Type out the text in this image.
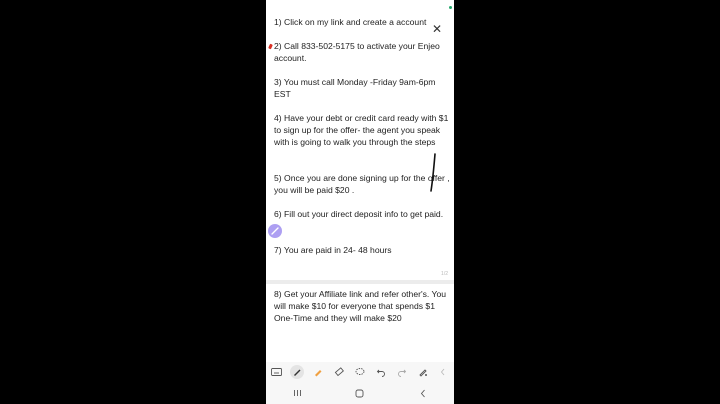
1) Click on my link and create a account
2) Call 833-502-5175 to activate your Enjeo account.
3) You must call Monday -Friday 9am-6pm EST
4) Have your debt or credit card ready with $1 to sign up for the offer- the agent you speak with is going to walk you through the steps
5) Once you are done signing up for the offer , you will be paid $20 .
6) Fill out your direct deposit info to get paid.
7) You are paid in 24- 48 hours
✕
1/2
8) Get your Affiliate link and refer other's. You will make $10 for everyone that spends $1 One-Time and they will make $20
